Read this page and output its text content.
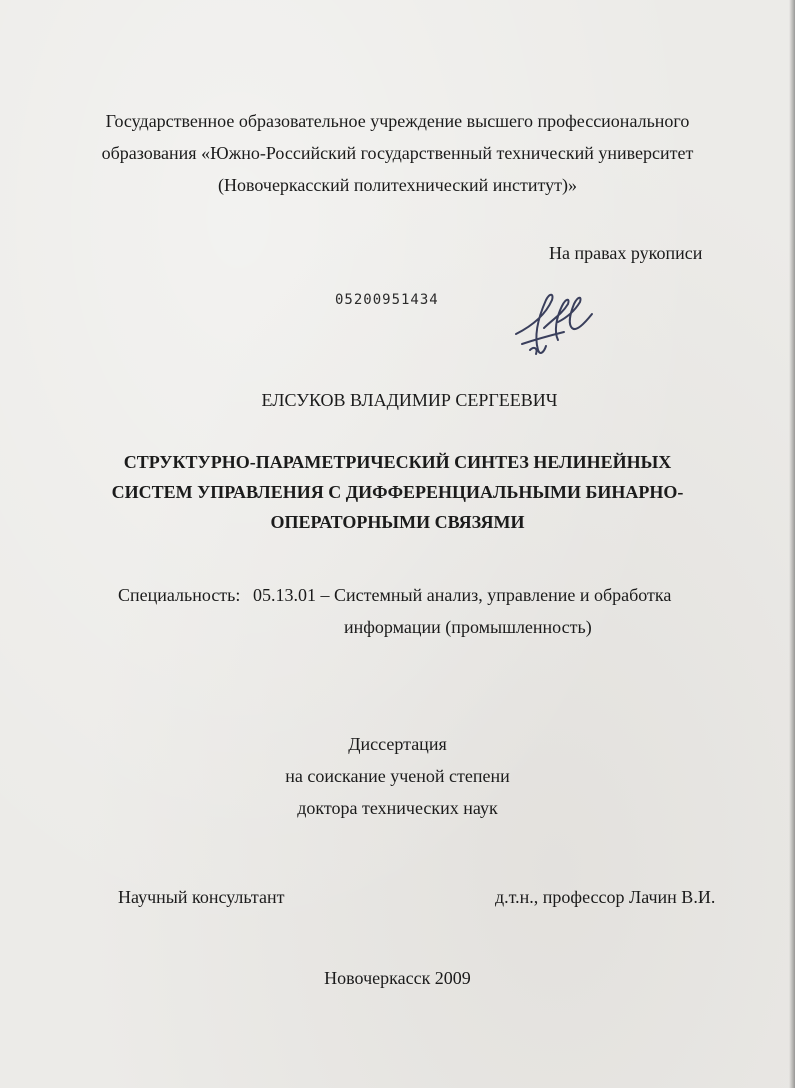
Государственное образовательное учреждение высшего профессионального
образования «Южно-Российский государственный технический университет
(Новочеркасский политехнический институт)»
На правах рукописи
05200951434
ЕЛСУКОВ ВЛАДИМИР СЕРГЕЕВИЧ
СТРУКТУРНО-ПАРАМЕТРИЧЕСКИЙ СИНТЕЗ НЕЛИНЕЙНЫХ
СИСТЕМ УПРАВЛЕНИЯ С ДИФФЕРЕНЦИАЛЬНЫМИ БИНАРНО-
ОПЕРАТОРНЫМИ СВЯЗЯМИ
Специальность: 05.13.01 – Системный анализ, управление и обработка
информации (промышленность)
Диссертация
на соискание ученой степени
доктора технических наук
Научный консультант	д.т.н., профессор Лачин В.И.
Новочеркасск 2009
